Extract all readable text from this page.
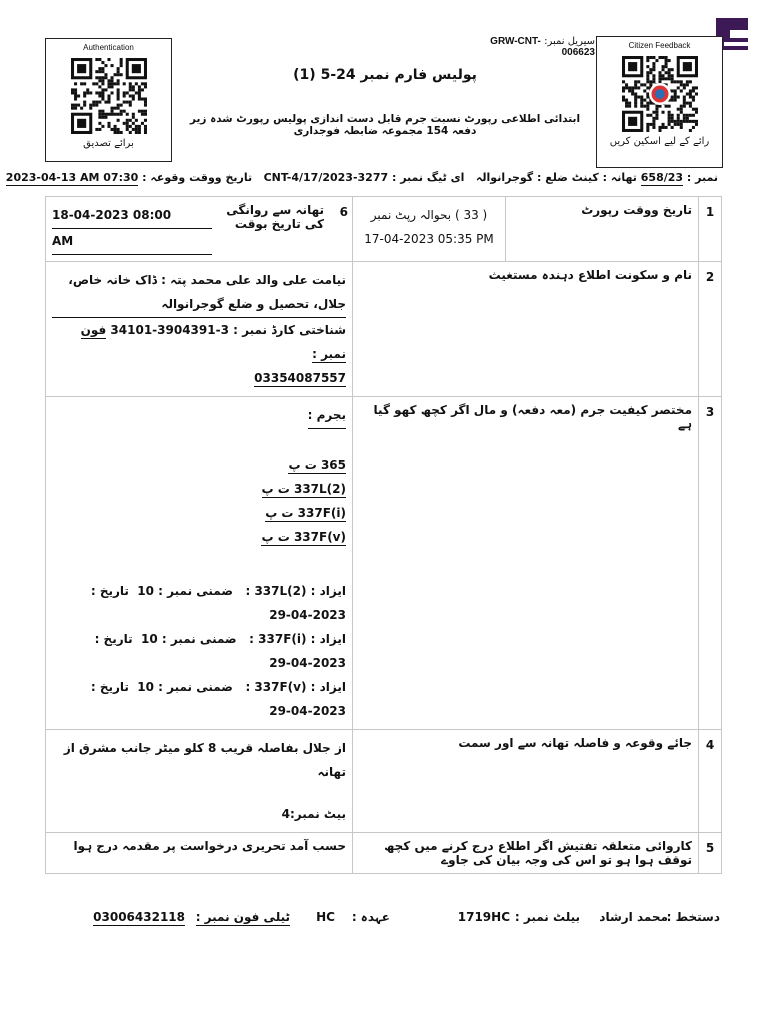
Authentication
برائے تصدیق
سیریل نمبر: GRW-CNT-006623
Citizen Feedback
رائے کے لیے اسکین کریں
پولیس فارم نمبر 24-5 (1)
ابتدائی اطلاعی رپورٹ نسبت جرم قابل دست اندازی پولیس رپورٹ شدہ زیر دفعہ 154 مجموعہ ضابطہ فوجداری
نمبر : 658/23 تھانہ : کینٹ ضلع : گوجرانوالہ   ای ٹیگ نمبر : CNT-4/17/2023-3277   تاریخ ووقت وقوعہ : 2023-04-13 AM 07:30
1	تاریخ ووقت رپورٹ	
( 33 ) بحوالہ رپٹ نمبر
17-04-2023 05:35 PM

6	تھانہ سے روانگی کی تاریخ بوقت	
18-04-2023 08:00
AM

2	نام و سکونت اطلاع دہندہ مستغیث	
نیامت علی والد علی محمد پتہ : ڈاک خانہ خاص، جلال، تحصیل و ضلع گوجرانوالہ
شناختی کارڈ نمبر : 34101-3904391-3 فون نمبر :
03354087557

3	مختصر کیفیت جرم (معہ دفعہ) و مال اگر کچھ کھو گیا ہے	بجرم :
365 ت پ
337L(2) ت پ
337F(i) ت پ
337F(v) ت پ
ایزاد : 337L(2) :   ضمنی نمبر : 10  تاریخ :
29-04-2023
ایزاد : 337F(i) :   ضمنی نمبر : 10  تاریخ :
29-04-2023
ایزاد : 337F(v) :   ضمنی نمبر : 10  تاریخ :
29-04-2023

4	جائے وقوعہ و فاصلہ تھانہ سے اور سمت	
از جلال بفاصلہ قریب 8 کلو میٹر جانب مشرق از تھانہ
بیٹ نمبر:4

5	کاروائی متعلقہ تفتیش اگر اطلاع درج کرنے میں کچھ توقف ہوا ہو تو اس کی وجہ بیان کی جاوے	حسب آمد تحریری درخواست پر مقدمہ درج ہوا
دستخط :
محمد ارشاد
بیلٹ نمبر :
1719HC
عہدہ :
HC
ٹیلی فون نمبر :
03006432118
